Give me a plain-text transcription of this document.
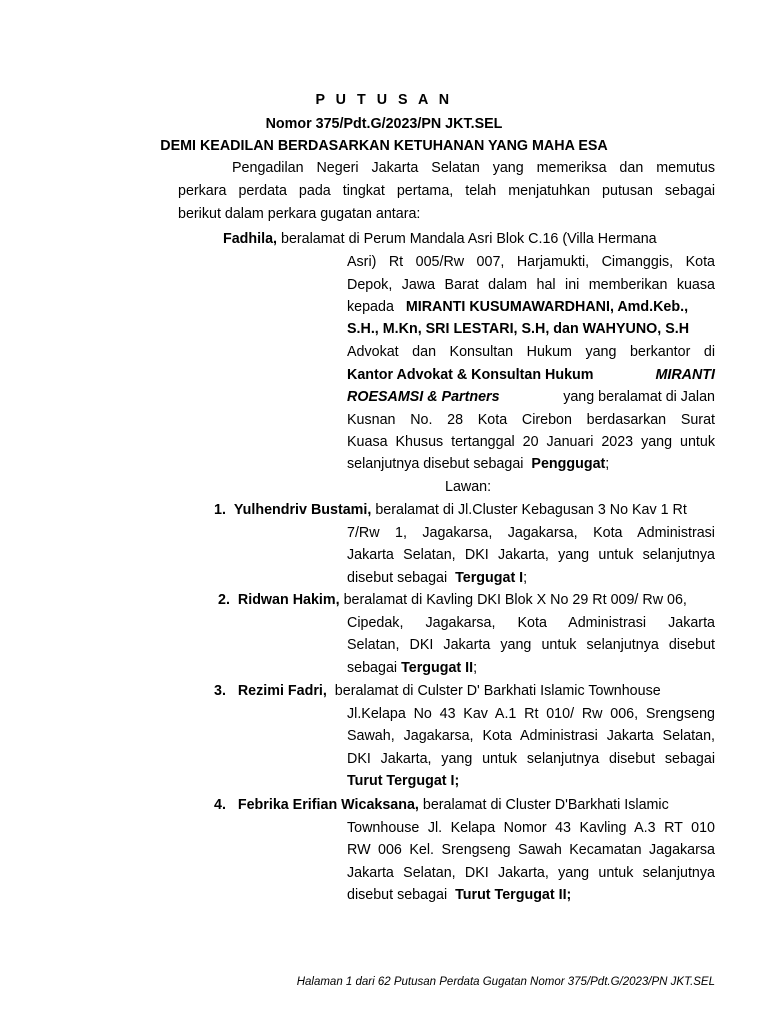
P U T U S A N
Nomor 375/Pdt.G/2023/PN JKT.SEL
DEMI KEADILAN BERDASARKAN KETUHANAN YANG MAHA ESA
Pengadilan Negeri Jakarta Selatan yang memeriksa dan memutus
perkara perdata pada tingkat pertama, telah menjatuhkan putusan sebagai
berikut dalam perkara gugatan antara:
Fadhila, beralamat di Perum Mandala Asri Blok C.16 (Villa Hermana
Asri) Rt 005/Rw 007, Harjamukti, Cimanggis, Kota
Depok, Jawa Barat dalam hal ini memberikan kuasa
kepada MIRANTI KUSUMAWARDHANI, Amd.Keb.,
S.H., M.Kn, SRI LESTARI, S.H, dan WAHYUNO, S.H
Advokat dan Konsultan Hukum yang berkantor di
Kantor Advokat & Konsultan Hukum	MIRANTI
ROESAMSI & Partners	yang beralamat di Jalan
Kusnan No. 28 Kota Cirebon berdasarkan Surat
Kuasa Khusus tertanggal 20 Januari 2023 yang untuk
selanjutnya disebut sebagai Penggugat;
Lawan:
1. Yulhendriv Bustami, beralamat di Jl.Cluster Kebagusan 3 No Kav 1 Rt
7/Rw 1, Jagakarsa, Jagakarsa, Kota Administrasi
Jakarta Selatan, DKI Jakarta, yang untuk selanjutnya
disebut sebagai Tergugat I;
2. Ridwan Hakim, beralamat di Kavling DKI Blok X No 29 Rt 009/ Rw 06,
Cipedak, Jagakarsa, Kota Administrasi Jakarta
Selatan, DKI Jakarta yang untuk selanjutnya disebut
sebagai Tergugat II;
3. Rezimi Fadri, beralamat di Culster D' Barkhati Islamic Townhouse
Jl.Kelapa No 43 Kav A.1 Rt 010/ Rw 006, Srengseng
Sawah, Jagakarsa, Kota Administrasi Jakarta Selatan,
DKI Jakarta, yang untuk selanjutnya disebut sebagai
Turut Tergugat I;
4. Febrika Erifian Wicaksana, beralamat di Cluster D'Barkhati Islamic
Townhouse Jl. Kelapa Nomor 43 Kavling A.3 RT 010
RW 006 Kel. Srengseng Sawah Kecamatan Jagakarsa
Jakarta Selatan, DKI Jakarta, yang untuk selanjutnya
disebut sebagai Turut Tergugat II;
Halaman 1 dari 62 Putusan Perdata Gugatan Nomor 375/Pdt.G/2023/PN JKT.SEL
